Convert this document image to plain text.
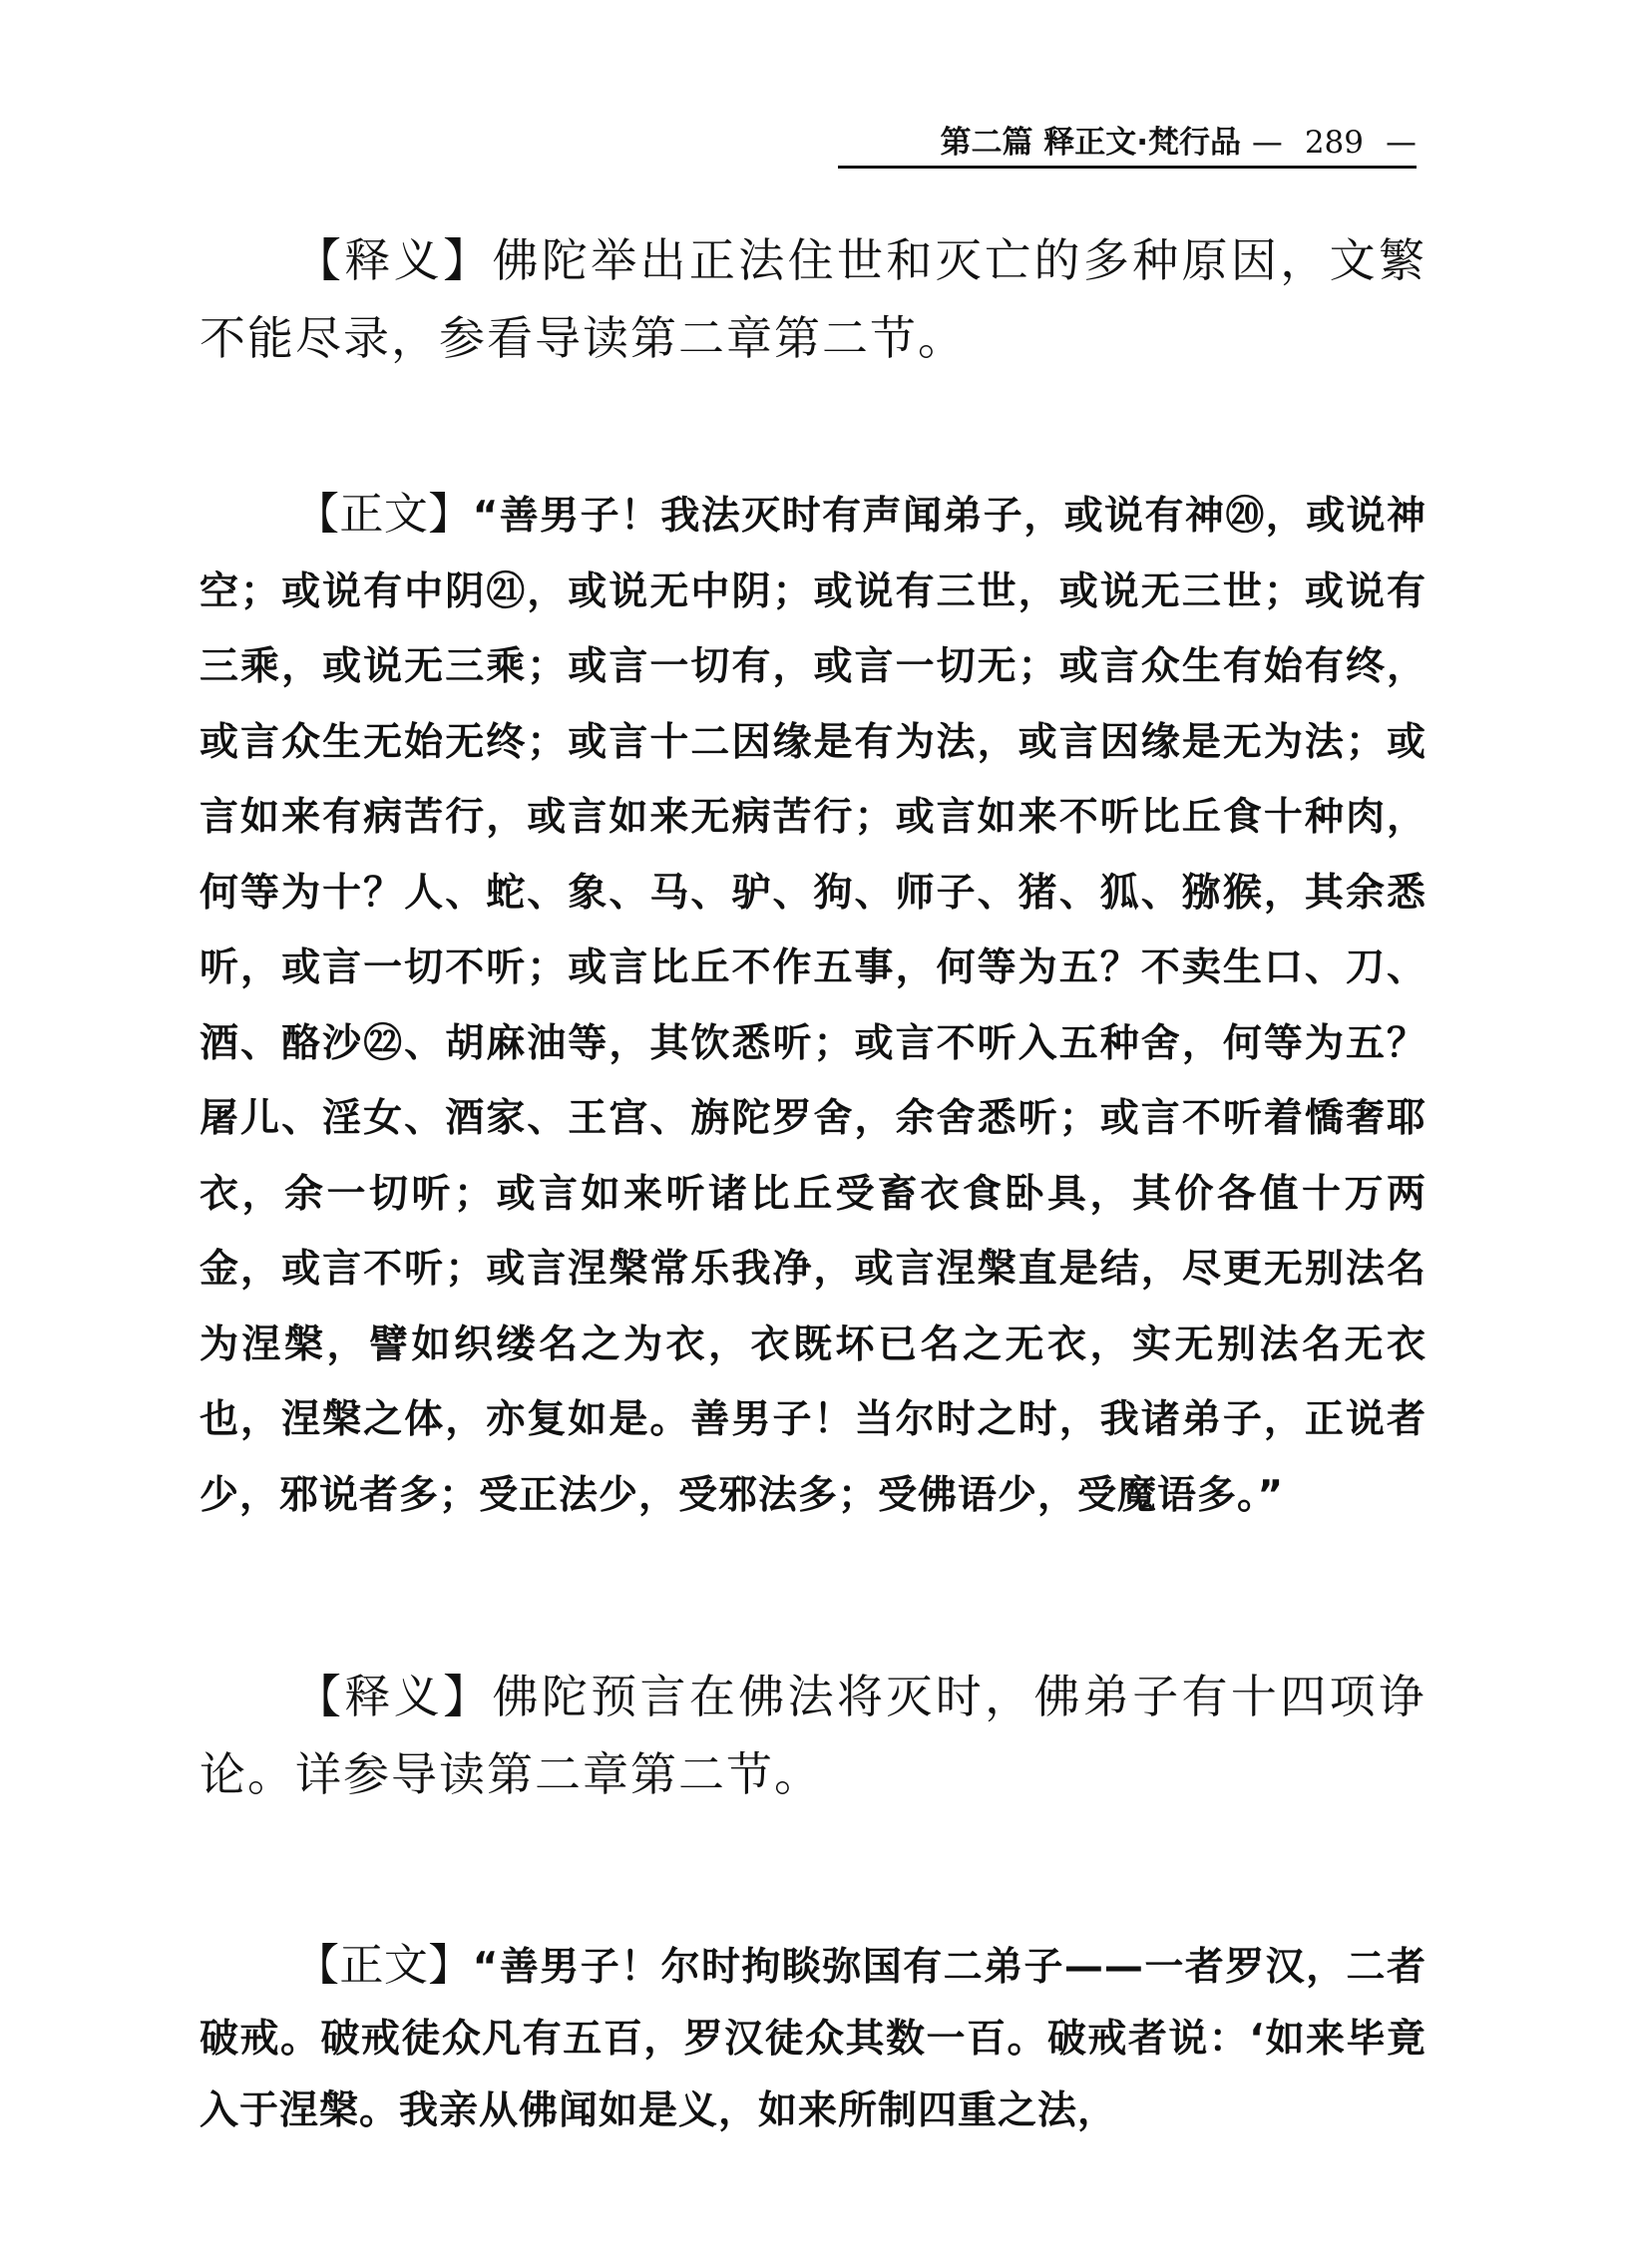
第二篇 释正文·梵行品 — 289 —

【释义】佛陀举出正法住世和灭亡的多种原因，文繁不能尽录，参看导读第二章第二节。

【正文】“善男子！我法灭时有声闻弟子，或说有神⑳，或说神空；或说有中阴㉑，或说无中阴；或说有三世，或说无三世；或说有三乘，或说无三乘；或言一切有，或言一切无；或言众生有始有终，或言众生无始无终；或言十二因缘是有为法，或言因缘是无为法；或言如来有病苦行，或言如来无病苦行；或言如来不听比丘食十种肉，何等为十？人、蛇、象、马、驴、狗、师子、猪、狐、猕猴，其余悉听，或言一切不听；或言比丘不作五事，何等为五？不卖生口、刀、酒、酪沙㉒、胡麻油等，其饮悉听；或言不听入五种舍，何等为五？屠儿、淫女、酒家、王宫、旃陀罗舍，余舍悉听；或言不听着憍奢耶衣，余一切听；或言如来听诸比丘受畜衣食卧具，其价各值十万两金，或言不听；或言涅槃常乐我净，或言涅槃直是结，尽更无别法名为涅槃，譬如织缕名之为衣，衣既坏已名之无衣，实无别法名无衣也，涅槃之体，亦复如是。善男子！当尔时之时，我诸弟子，正说者少，邪说者多；受正法少，受邪法多；受佛语少，受魔语多。”

【释义】佛陀预言在佛法将灭时，佛弟子有十四项诤论。详参导读第二章第二节。

【正文】“善男子！尔时拘睒弥国有二弟子——一者罗汉，二者破戒。破戒徒众凡有五百，罗汉徒众其数一百。破戒者说：‘如来毕竟入于涅槃。我亲从佛闻如是义，如来所制四重之法，
